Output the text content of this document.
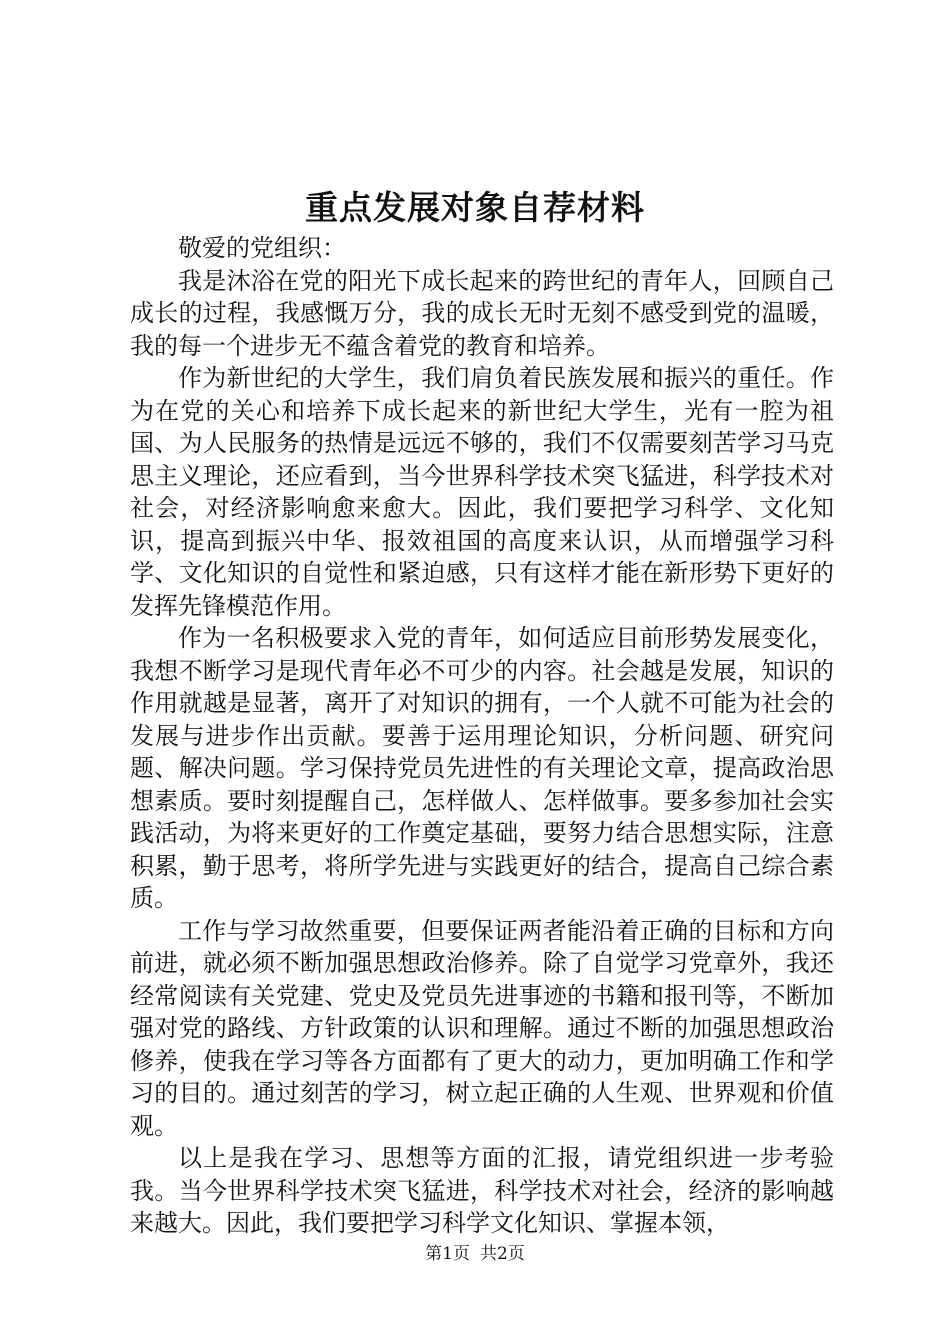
重点发展对象自荐材料

敬爱的党组织：

我是沐浴在党的阳光下成长起来的跨世纪的青年人，回顾自己成长的过程，我感慨万分，我的成长无时无刻不感受到党的温暖，我的每一个进步无不蕴含着党的教育和培养。

作为新世纪的大学生，我们肩负着民族发展和振兴的重任。作为在党的关心和培养下成长起来的新世纪大学生，光有一腔为祖国、为人民服务的热情是远远不够的，我们不仅需要刻苦学习马克思主义理论，还应看到，当今世界科学技术突飞猛进，科学技术对社会，对经济影响愈来愈大。因此，我们要把学习科学、文化知识，提高到振兴中华、报效祖国的高度来认识，从而增强学习科学、文化知识的自觉性和紧迫感，只有这样才能在新形势下更好的发挥先锋模范作用。

作为一名积极要求入党的青年，如何适应目前形势发展变化，我想不断学习是现代青年必不可少的内容。社会越是发展，知识的作用就越是显著，离开了对知识的拥有，一个人就不可能为社会的发展与进步作出贡献。要善于运用理论知识，分析问题、研究问题、解决问题。学习保持党员先进性的有关理论文章，提高政治思想素质。要时刻提醒自己，怎样做人、怎样做事。要多参加社会实践活动，为将来更好的工作奠定基础，要努力结合思想实际，注意积累，勤于思考，将所学先进与实践更好的结合，提高自己综合素质。

工作与学习故然重要，但要保证两者能沿着正确的目标和方向前进，就必须不断加强思想政治修养。除了自觉学习党章外，我还经常阅读有关党建、党史及党员先进事迹的书籍和报刊等，不断加强对党的路线、方针政策的认识和理解。通过不断的加强思想政治修养，使我在学习等各方面都有了更大的动力，更加明确工作和学习的目的。通过刻苦的学习，树立起正确的人生观、世界观和价值观。

以上是我在学习、思想等方面的汇报，请党组织进一步考验我。当今世界科学技术突飞猛进，科学技术对社会，经济的影响越来越大。因此，我们要把学习科学文化知识、掌握本领，

第1页 共2页
